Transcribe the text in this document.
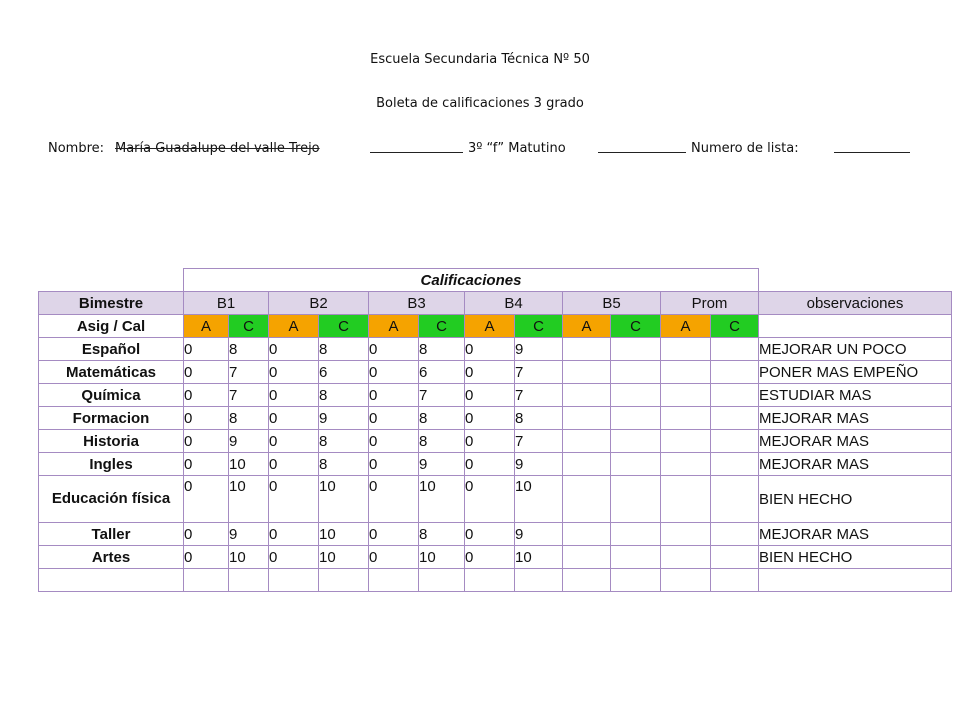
Escuela Secundaria Técnica Nº 50
Boleta de calificaciones 3 grado
Nombre: María Guadalupe del valle Trejo	3º “f” Matutino	Numero de lista:
	Calificaciones												
Bimestre	B1		B2		B3		B4		B5		Prom		observaciones
Asig / Cal	A	C	A	C	A	C	A	C	A	C	A	C	
Español	0	8	0	8	0	8	0	9					MEJORAR UN POCO
Matemáticas	0	7	0	6	0	6	0	7					PONER MAS EMPEÑO
Química	0	7	0	8	0	7	0	7					ESTUDIAR MAS
Formacion	0	8	0	9	0	8	0	8					MEJORAR MAS
Historia	0	9	0	8	0	8	0	7					MEJORAR MAS
Ingles	0	10	0	8	0	9	0	9					MEJORAR MAS
Educación física	0	10	0	10	0	10	0	10					BIEN HECHO
Taller	0	9	0	10	0	8	0	9					MEJORAR MAS
Artes	0	10	0	10	0	10	0	10					BIEN HECHO
